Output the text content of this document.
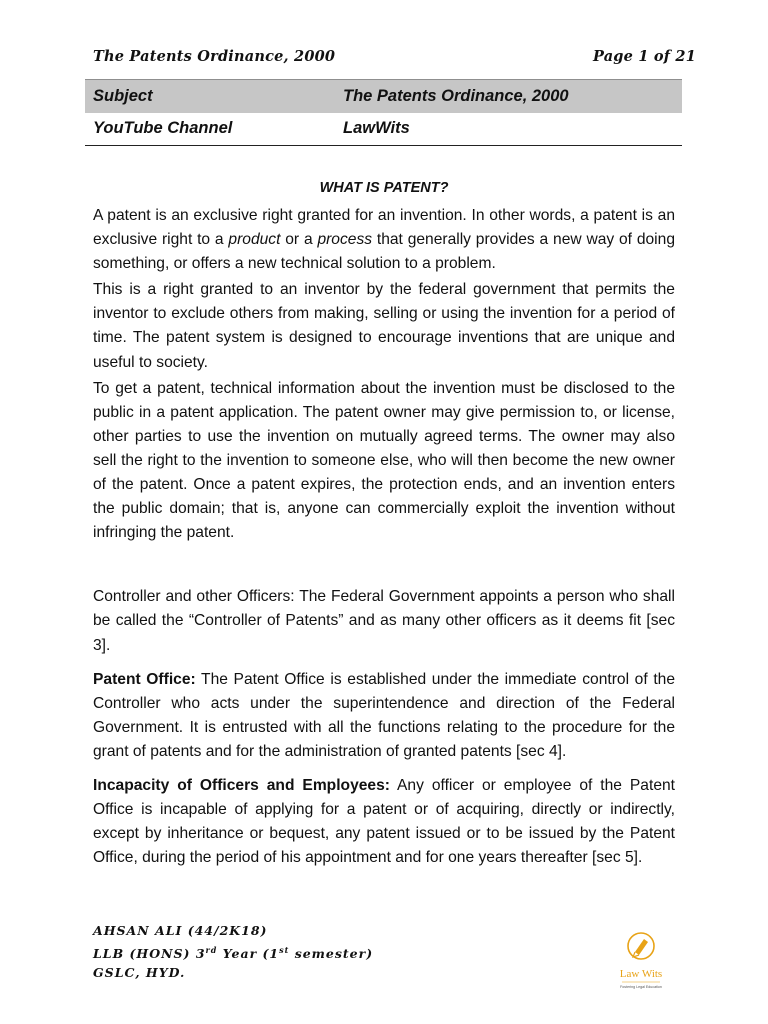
The Patents Ordinance, 2000	Page 1 of 21
Subject	The Patents Ordinance, 2000
YouTube Channel	LawWits
WHAT IS PATENT?

A patent is an exclusive right granted for an invention. In other words, a patent is an exclusive right to a product or a process that generally provides a new way of doing something, or offers a new technical solution to a problem.

This is a right granted to an inventor by the federal government that permits the inventor to exclude others from making, selling or using the invention for a period of time. The patent system is designed to encourage inventions that are unique and useful to society.

To get a patent, technical information about the invention must be disclosed to the public in a patent application. The patent owner may give permission to, or license, other parties to use the invention on mutually agreed terms. The owner may also sell the right to the invention to someone else, who will then become the new owner of the patent. Once a patent expires, the protection ends, and an invention enters the public domain; that is, anyone can commercially exploit the invention without infringing the patent.

Controller and other Officers: The Federal Government appoints a person who shall be called the “Controller of Patents” and as many other officers as it deems fit [sec 3].

Patent Office: The Patent Office is established under the immediate control of the Controller who acts under the superintendence and direction of the Federal Government. It is entrusted with all the functions relating to the procedure for the grant of patents and for the administration of granted patents [sec 4].

Incapacity of Officers and Employees: Any officer or employee of the Patent Office is incapable of applying for a patent or of acquiring, directly or indirectly, except by inheritance or bequest, any patent issued or to be issued by the Patent Office, during the period of his appointment and for one years thereafter [sec 5].

AHSAN ALI (44/2K18)
LLB (HONS) 3rd Year (1st semester)
GSLC, HYD.	Law Wits
Fostering Legal Education
